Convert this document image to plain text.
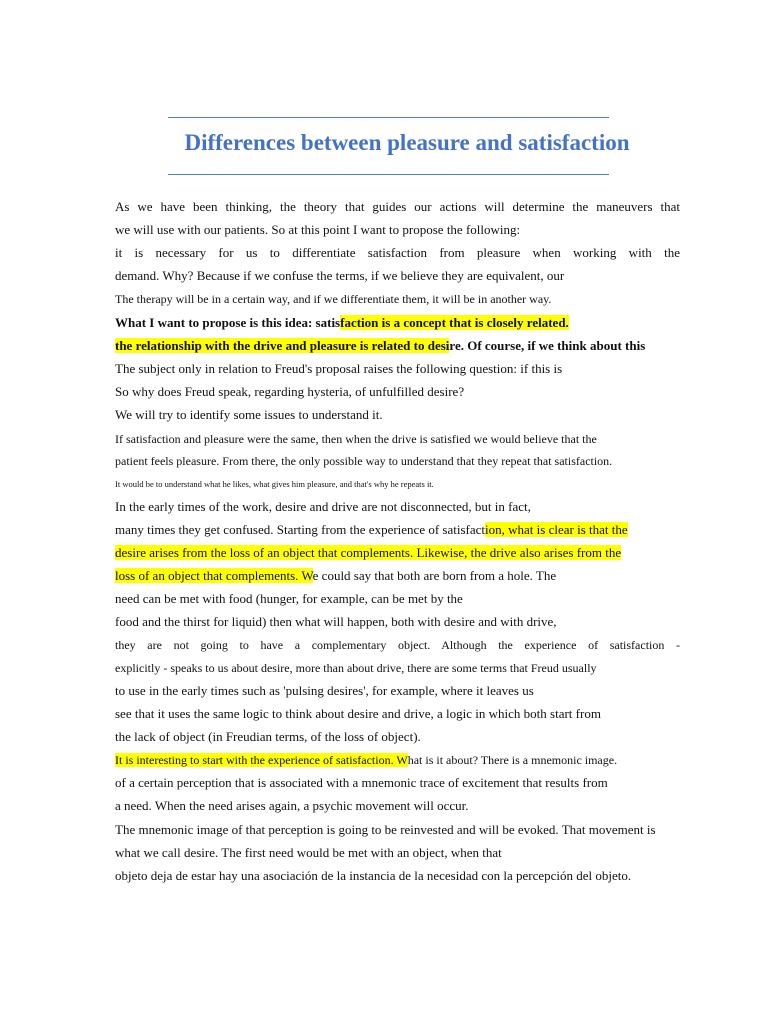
Differences between pleasure and satisfaction
As we have been thinking, the theory that guides our actions will determine the maneuvers that
we will use with our patients. So at this point I want to propose the following:
it is necessary for us to differentiate satisfaction from pleasure when working with the
demand. Why? Because if we confuse the terms, if we believe they are equivalent, our
The therapy will be in a certain way, and if we differentiate them, it will be in another way.
What I want to propose is this idea: satisfaction is a concept that is closely related.
the relationship with the drive and pleasure is related to desire. Of course, if we think about this
The subject only in relation to Freud's proposal raises the following question: if this is
So why does Freud speak, regarding hysteria, of unfulfilled desire?
We will try to identify some issues to understand it.
If satisfaction and pleasure were the same, then when the drive is satisfied we would believe that the
patient feels pleasure. From there, the only possible way to understand that they repeat that satisfaction.
It would be to understand what he likes, what gives him pleasure, and that's why he repeats it.
In the early times of the work, desire and drive are not disconnected, but in fact,
many times they get confused. Starting from the experience of satisfaction, what is clear is that the
desire arises from the loss of an object that complements. Likewise, the drive also arises from the
loss of an object that complements. We could say that both are born from a hole. The
need can be met with food (hunger, for example, can be met by the
food and the thirst for liquid) then what will happen, both with desire and with drive,
they are not going to have a complementary object. Although the experience of satisfaction -
explicitly - speaks to us about desire, more than about drive, there are some terms that Freud usually
to use in the early times such as 'pulsing desires', for example, where it leaves us
see that it uses the same logic to think about desire and drive, a logic in which both start from
the lack of object (in Freudian terms, of the loss of object).
It is interesting to start with the experience of satisfaction. What is it about? There is a mnemonic image.
of a certain perception that is associated with a mnemonic trace of excitement that results from
a need. When the need arises again, a psychic movement will occur.
The mnemonic image of that perception is going to be reinvested and will be evoked. That movement is
what we call desire. The first need would be met with an object, when that
objeto deja de estar hay una asociación de la instancia de la necesidad con la percepción del objeto.
